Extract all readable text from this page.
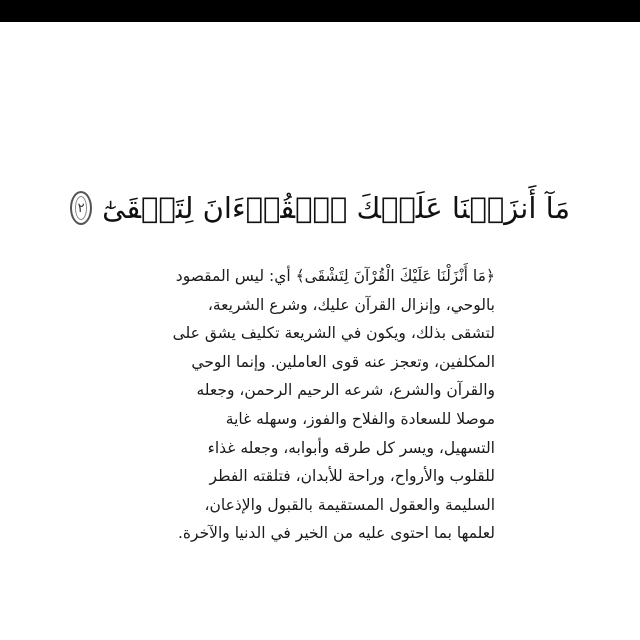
مَآ أَنزَلۡنَا عَلَيۡكَ ٱلۡقُرۡءَانَ لِتَشۡقَىٰٓ
٢
﴿مَا أَنْزَلْنَا عَلَيْكَ الْقُرْآنَ لِتَشْقَى﴾ أي: ليس المقصود
بالوحي، وإنزال القرآن عليك، وشرع الشريعة،
لتشقى بذلك، ويكون في الشريعة تكليف يشق على
المكلفين، وتعجز عنه قوى العاملين. وإنما الوحي
والقرآن والشرع، شرعه الرحيم الرحمن، وجعله
موصلا للسعادة والفلاح والفوز، وسهله غاية
التسهيل، ويسر كل طرقه وأبوابه، وجعله غذاء
للقلوب والأرواح، وراحة للأبدان، فتلقته الفطر
السليمة والعقول المستقيمة بالقبول والإذعان،
لعلمها بما احتوى عليه من الخير في الدنيا والآخرة.
